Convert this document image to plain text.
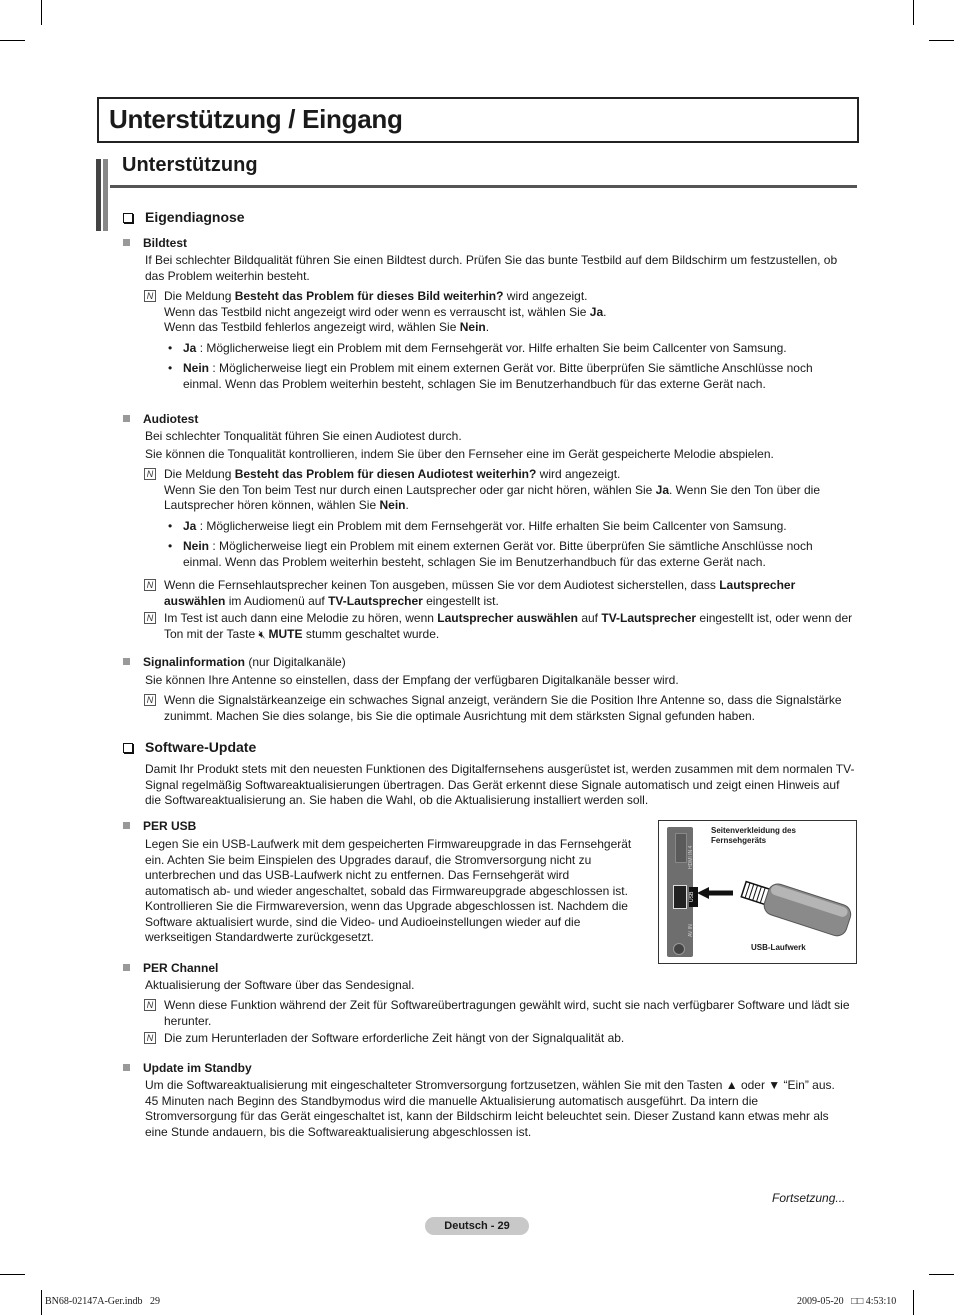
Unterstützung / Eingang
Unterstützung
Eigendiagnose
Bildtest
If Bei schlechter Bildqualität führen Sie einen Bildtest durch. Prüfen Sie das bunte Testbild auf dem Bildschirm um festzustellen, ob das Problem weiterhin besteht.
N Die Meldung Besteht das Problem für dieses Bild weiterhin? wird angezeigt.
Wenn das Testbild nicht angezeigt wird oder wenn es verrauscht ist, wählen Sie Ja.
Wenn das Testbild fehlerlos angezeigt wird, wählen Sie Nein.
• Ja : Möglicherweise liegt ein Problem mit dem Fernsehgerät vor. Hilfe erhalten Sie beim Callcenter von Samsung.
• Nein : Möglicherweise liegt ein Problem mit einem externen Gerät vor. Bitte überprüfen Sie sämtliche Anschlüsse noch einmal. Wenn das Problem weiterhin besteht, schlagen Sie im Benutzerhandbuch für das externe Gerät nach.
Audiotest
Bei schlechter Tonqualität führen Sie einen Audiotest durch.
Sie können die Tonqualität kontrollieren, indem Sie über den Fernseher eine im Gerät gespeicherte Melodie abspielen.
N Die Meldung Besteht das Problem für diesen Audiotest weiterhin? wird angezeigt.
Wenn Sie den Ton beim Test nur durch einen Lautsprecher oder gar nicht hören, wählen Sie Ja. Wenn Sie den Ton über die Lautsprecher hören können, wählen Sie Nein.
• Ja : Möglicherweise liegt ein Problem mit dem Fernsehgerät vor. Hilfe erhalten Sie beim Callcenter von Samsung.
• Nein : Möglicherweise liegt ein Problem mit einem externen Gerät vor. Bitte überprüfen Sie sämtliche Anschlüsse noch einmal. Wenn das Problem weiterhin besteht, schlagen Sie im Benutzerhandbuch für das externe Gerät nach.
N Wenn die Fernsehlautsprecher keinen Ton ausgeben, müssen Sie vor dem Audiotest sicherstellen, dass Lautsprecher auswählen im Audiomenü auf TV-Lautsprecher eingestellt ist.
N Im Test ist auch dann eine Melodie zu hören, wenn Lautsprecher auswählen auf TV-Lautsprecher eingestellt ist, oder wenn der Ton mit der Taste 🔇︎ MUTE stumm geschaltet wurde.
Signalinformation (nur Digitalkanäle)
Sie können Ihre Antenne so einstellen, dass der Empfang der verfügbaren Digitalkanäle besser wird.
N Wenn die Signalstärkeanzeige ein schwaches Signal anzeigt, verändern Sie die Position Ihre Antenne so, dass die Signalstärke zunimmt. Machen Sie dies solange, bis Sie die optimale Ausrichtung mit dem stärksten Signal gefunden haben.
Software-Update
Damit Ihr Produkt stets mit den neuesten Funktionen des Digitalfernsehens ausgerüstet ist, werden zusammen mit dem normalen TV-Signal regelmäßig Softwareaktualisierungen übertragen. Das Gerät erkennt diese Signale automatisch und zeigt einen Hinweis auf die Softwareaktualisierung an. Sie haben die Wahl, ob die Aktualisierung installiert werden soll.
PER USB
Legen Sie ein USB-Laufwerk mit dem gespeicherten Firmwareupgrade in das Fernsehgerät ein. Achten Sie beim Einspielen des Upgrades darauf, die Stromversorgung nicht zu unterbrechen und das USB-Laufwerk nicht zu entfernen. Das Fernsehgerät wird automatisch ab- und wieder angeschaltet, sobald das Firmwareupgrade abgeschlossen ist. Kontrollieren Sie die Firmwareversion, wenn das Upgrade abgeschlossen ist. Nachdem die Software aktualisiert wurde, sind die Video- und Audioeinstellungen wieder auf die werkseitigen Standardwerte zurückgesetzt.
HDMI IN 4
USB
AV IN
Seitenverkleidung des Fernsehgeräts
USB-Laufwerk
PER Channel
Aktualisierung der Software über das Sendesignal.
N Wenn diese Funktion während der Zeit für Softwareübertragungen gewählt wird, sucht sie nach verfügbarer Software und lädt sie herunter.
N Die zum Herunterladen der Software erforderliche Zeit hängt von der Signalqualität ab.
Update im Standby
Um die Softwareaktualisierung mit eingeschalteter Stromversorgung fortzusetzen, wählen Sie mit den Tasten ▲ oder ▼ “Ein” aus. 45 Minuten nach Beginn des Standbymodus wird die manuelle Aktualisierung automatisch ausgeführt. Da intern die Stromversorgung für das Gerät eingeschaltet ist, kann der Bildschirm leicht beleuchtet sein. Dieser Zustand kann etwas mehr als eine Stunde andauern, bis die Softwareaktualisierung abgeschlossen ist.
Fortsetzung...
Deutsch - 29
BN68-02147A-Ger.indb   29	2009-05-20   □□ 4:53:10
